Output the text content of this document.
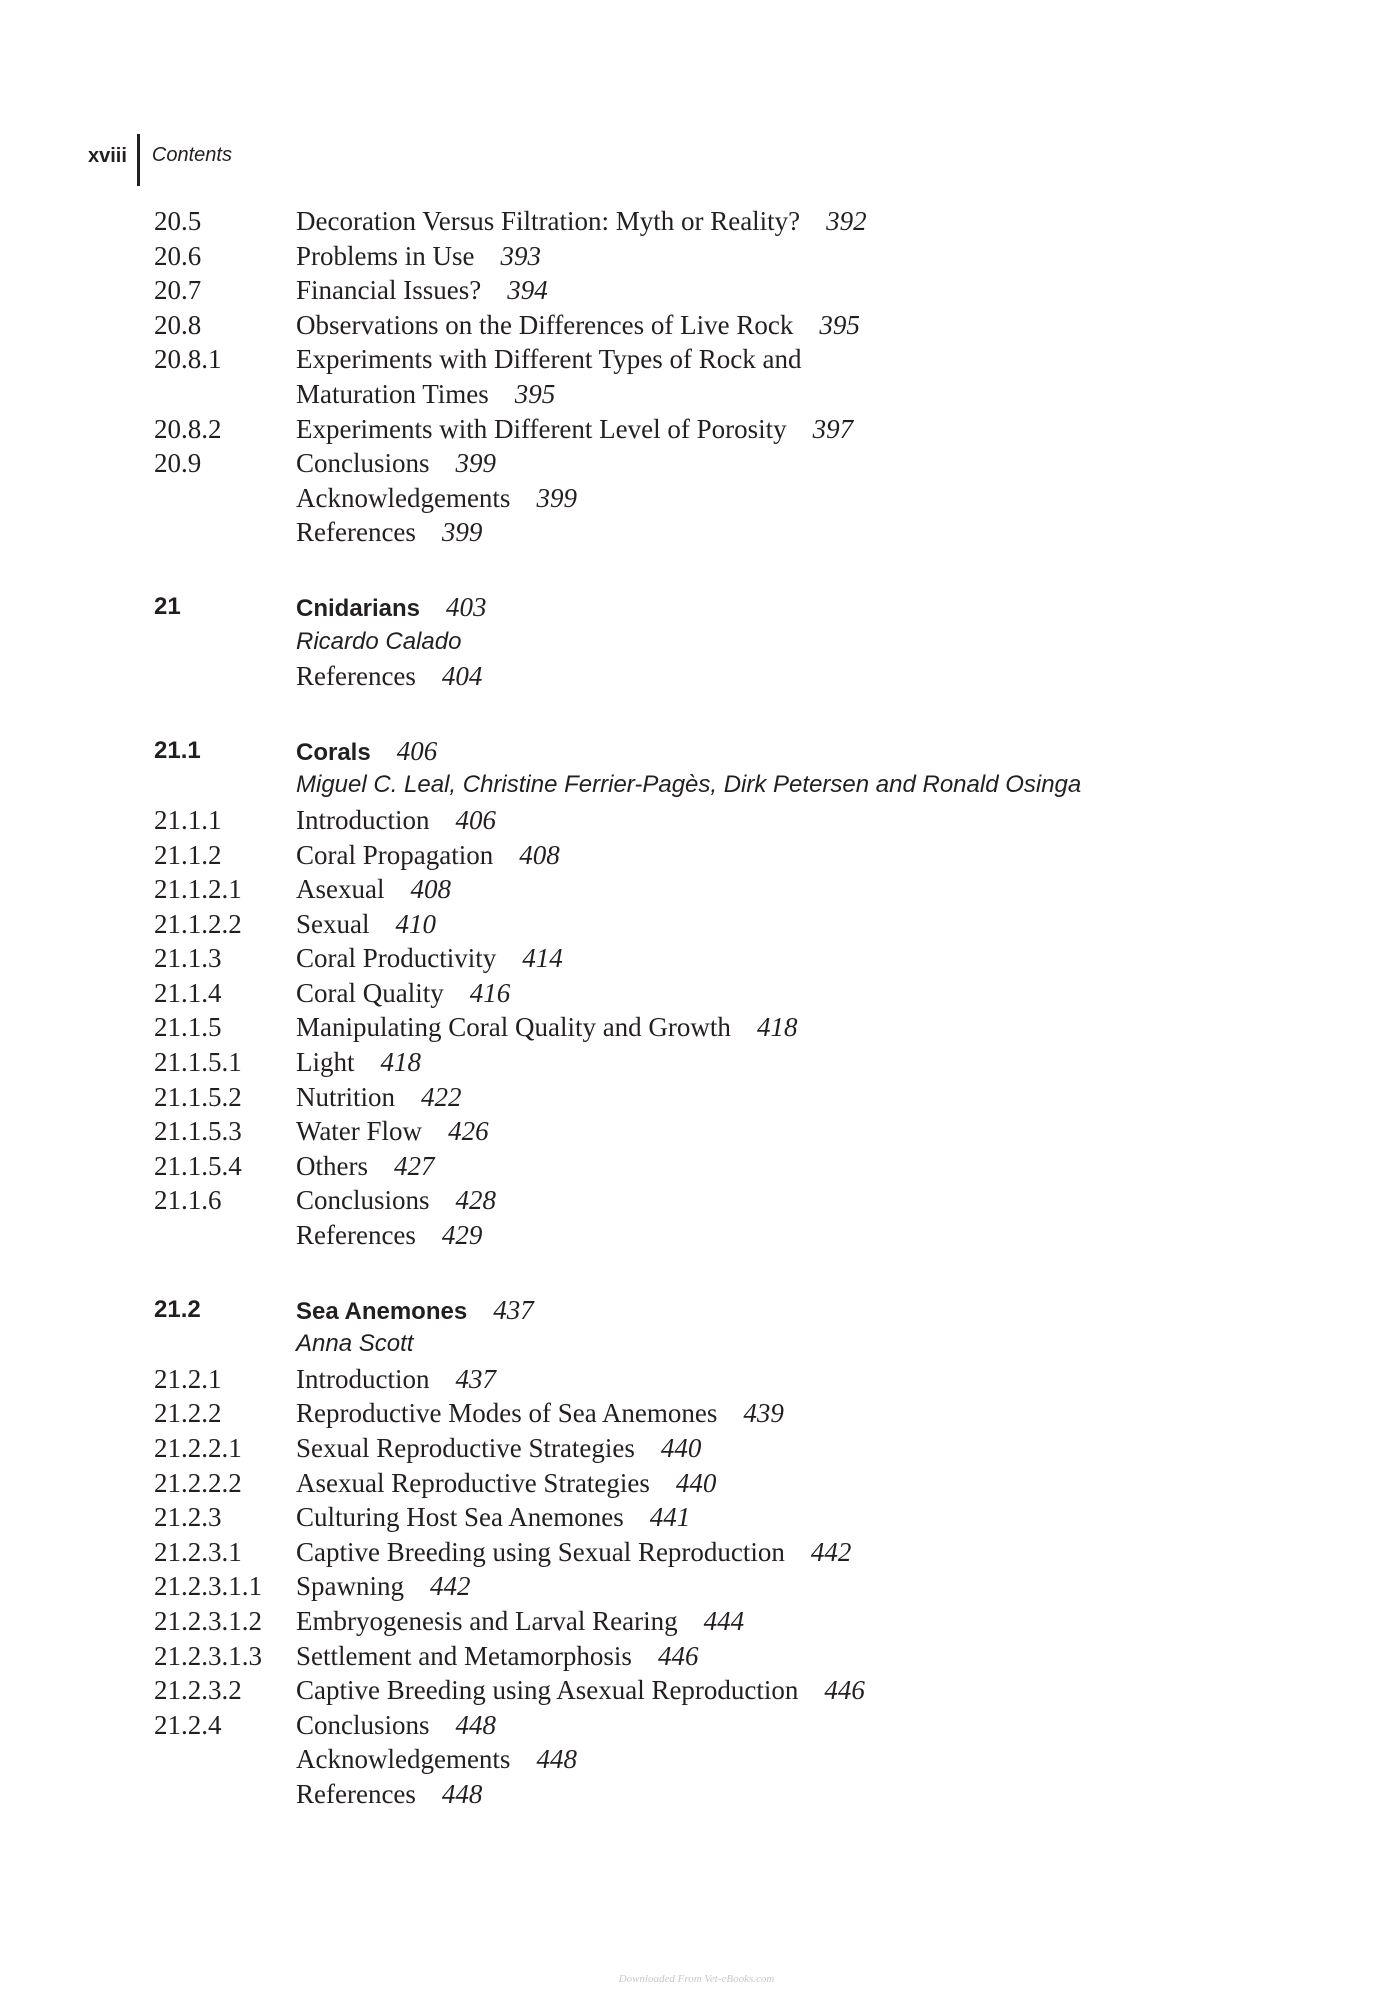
xviii	Contents
20.5	Decoration Versus Filtration: Myth or Reality? 392
20.6	Problems in Use 393
20.7	Financial Issues? 394
20.8	Observations on the Differences of Live Rock 395
20.8.1	Experiments with Different Types of Rock and
Maturation Times 395
20.8.2	Experiments with Different Level of Porosity 397
20.9	Conclusions 399
Acknowledgements 399
References 399
21	Cnidarians 403
Ricardo Calado
References 404
21.1	Corals 406
Miguel C. Leal, Christine Ferrier-Pagès, Dirk Petersen and Ronald Osinga
21.1.1	Introduction 406
21.1.2	Coral Propagation 408
21.1.2.1 Asexual 408
21.1.2.2 Sexual 410
21.1.3	Coral Productivity 414
21.1.4	Coral Quality 416
21.1.5	Manipulating Coral Quality and Growth 418
21.1.5.1 Light 418
21.1.5.2 Nutrition 422
21.1.5.3 Water Flow 426
21.1.5.4 Others 427
21.1.6	Conclusions 428
References 429
21.2	Sea Anemones 437
Anna Scott
21.2.1	Introduction 437
21.2.2	Reproductive Modes of Sea Anemones 439
21.2.2.1 Sexual Reproductive Strategies 440
21.2.2.2 Asexual Reproductive Strategies 440
21.2.3	Culturing Host Sea Anemones 441
21.2.3.1 Captive Breeding using Sexual Reproduction 442
21.2.3.1.1 Spawning 442
21.2.3.1.2 Embryogenesis and Larval Rearing 444
21.2.3.1.3 Settlement and Metamorphosis 446
21.2.3.2 Captive Breeding using Asexual Reproduction 446
21.2.4	Conclusions 448
Acknowledgements 448
References 448
Downloaded From Vet-eBooks.com
